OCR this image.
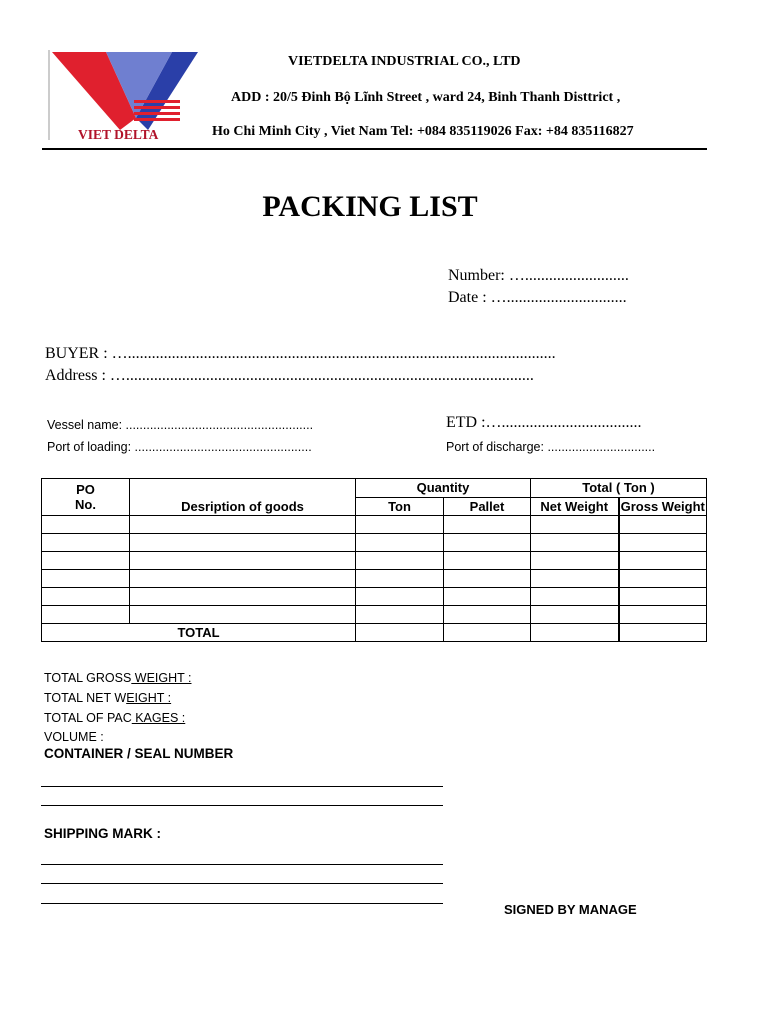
VIET DELTA
VIETDELTA INDUSTRIAL CO., LTD
ADD : 20/5 Đinh Bộ Lĩnh Street , ward 24, Binh Thanh Disttrict ,
Ho Chi Minh City , Viet Nam Tel: +084 835119026 Fax: +84 835116827
PACKING LIST
Number: …..........................
Date : …..............................
BUYER : …...........................................................................................................
Address : …......................................................................................................
Vessel name: ......................................................	ETD :…...................................
Port of loading: ...................................................	Port of discharge: ...............................
PO
No.	Desription of goods	Quantity		Total ( Ton )	
		Ton	Pallet	Net Weight	Gross Weight

TOTAL					
TOTAL GROSS WEIGHT :
TOTAL NET WEIGHT :
TOTAL OF PAC KAGES :
VOLUME :
CONTAINER / SEAL NUMBER
SHIPPING MARK :
SIGNED BY MANAGE
